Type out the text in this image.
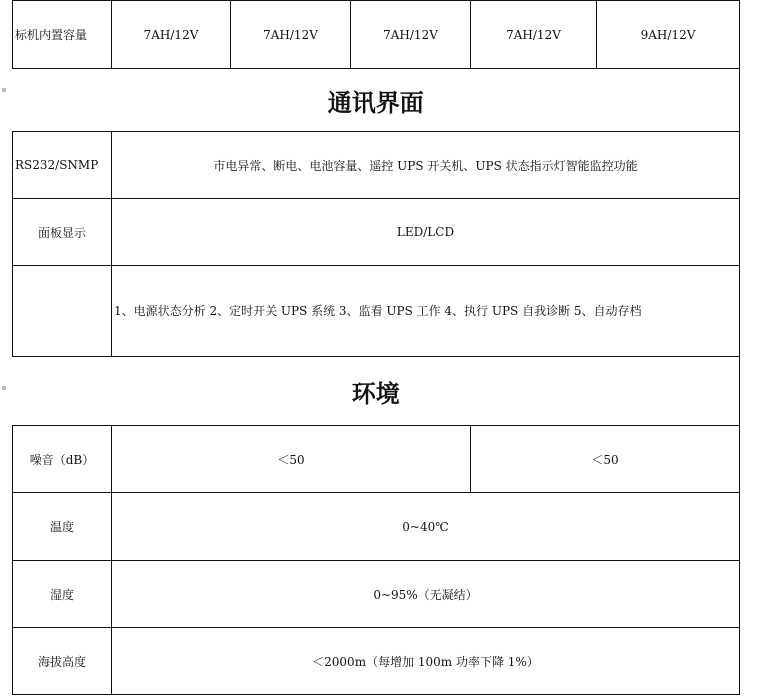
标机内置容量	7AH/12V	7AH/12V	7AH/12V	7AH/12V	9AH/12V
通讯界面					
RS232/SNMP	市电异常、断电、电池容量、遥控 UPS 开关机、UPS 状态指示灯智能监控功能				
面板显示	LED/LCD				
	1、电源状态分析 2、定时开关 UPS 系统 3、监看 UPS 工作 4、执行 UPS 自我诊断 5、自动存档				
环境					
噪音（dB）	＜50			＜50	
温度	0~40℃				
湿度	0~95%（无凝结）				
海拔高度	＜2000m（每增加 100m 功率下降 1%）				
